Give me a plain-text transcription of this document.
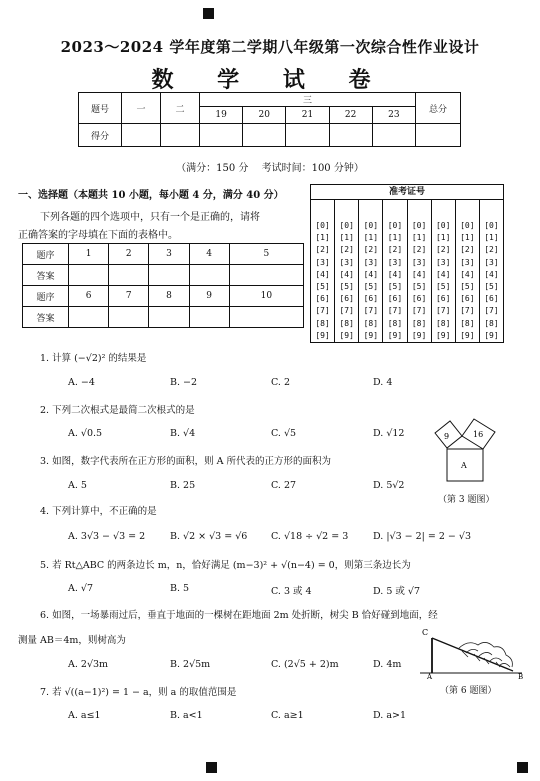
2023～2024 学年度第二学期八年级第一次综合性作业设计
数 学 试 卷
题号	一	二	三					总分
			19	20	21	22	23	
得分								
（满分：150 分　 考试时间：100 分钟）
一、选择题（本题共 10 小题，每小题 4 分，满分 40 分）
下列各题的四个选项中，只有一个是正确的，请将
正确答案的字母填在下面的表格中。
题序	1	2	3	4	5
答案					
题序	6	7	8	9	10
答案					
准考证号							

[0]	[0]	[0]	[0]	[0]	[0]	[0]	[0]
[1]	[1]	[1]	[1]	[1]	[1]	[1]	[1]
[2]	[2]	[2]	[2]	[2]	[2]	[2]	[2]
[3]	[3]	[3]	[3]	[3]	[3]	[3]	[3]
[4]	[4]	[4]	[4]	[4]	[4]	[4]	[4]
[5]	[5]	[5]	[5]	[5]	[5]	[5]	[5]
[6]	[6]	[6]	[6]	[6]	[6]	[6]	[6]
[7]	[7]	[7]	[7]	[7]	[7]	[7]	[7]
[8]	[8]	[8]	[8]	[8]	[8]	[8]	[8]
[9]	[9]	[9]	[9]	[9]	[9]	[9]	[9]
1. 计算 (−√2)² 的结果是
A. −4	B. −2	C. 2	D. 4
2. 下列二次根式是最简二次根式的是
A. √0.5	B. √4	C. √5	D. √12
3. 如图，数字代表所在正方形的面积，则 A 所代表的正方形的面积为
A. 5	B. 25	C. 27	D. 5√2
9	16
A
（第 3 题图）
4. 下列计算中，不正确的是
A. 3√3 − √3 = 2	B. √2 × √3 = √6 C. √18 ÷ √2 = 3	D. |√3 − 2| = 2 − √3
5. 若 Rt△ABC 的两条边长 m，n，恰好满足 (m−3)² + √(n−4) = 0，则第三条边长为
A. √7	B. 5	C. 3 或 4	D. 5 或 √7
6. 如图，一场暴雨过后，垂直于地面的一棵树在距地面 2m 处折断，树尖 B 恰好碰到地面，经
测量 AB＝4m，则树高为
A. 2√3m	B. 2√5m	C. (2√5 + 2)m	D. 4m
C
A	B
（第 6 题图）
7. 若 √((a−1)²) = 1 − a，则 a 的取值范围是
A. a≤1	B. a<1	C. a≥1	D. a>1
